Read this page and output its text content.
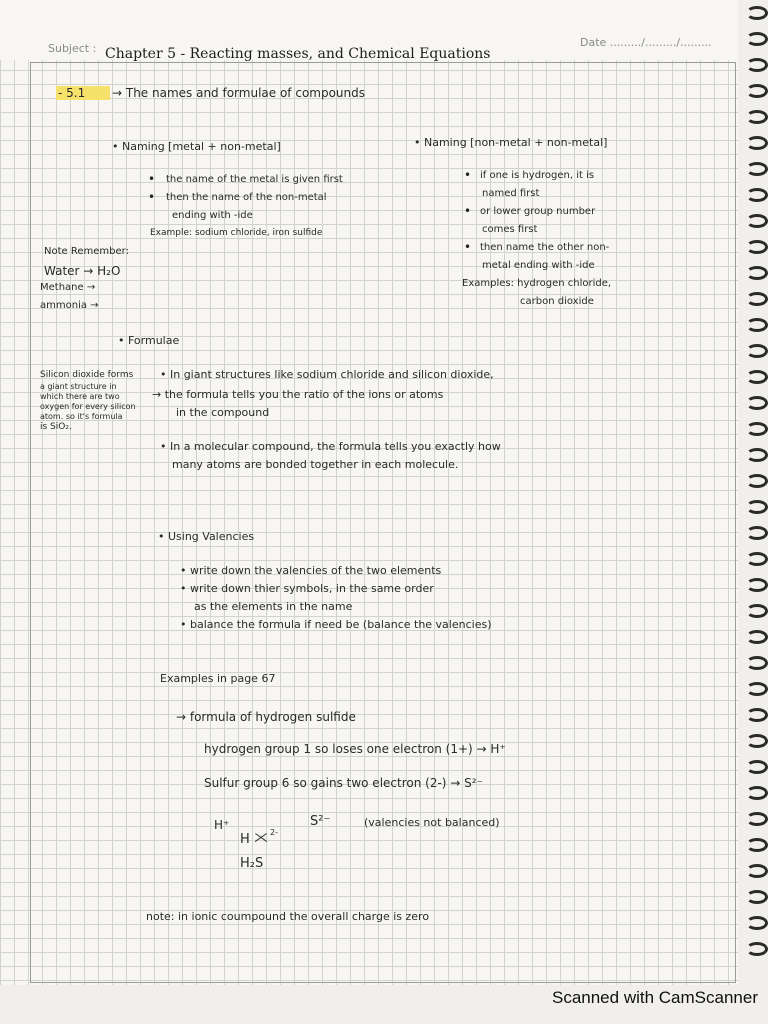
Subject :	Date ........./........./.........
Chapter 5 - Reacting masses, and Chemical Equations
- 5.1 → The names and formulae of compounds
• Naming [metal + non-metal]
• the name of the metal is given first
• then the name of the non-metal
ending with -ide
Example: sodium chloride, iron sulfide
• Naming [non-metal + non-metal]
• if one is hydrogen, it is
named first
• or lower group number
comes first
• then name the other non-
metal ending with -ide
Examples: hydrogen chloride,
carbon dioxide
Note Remember:
Water → H₂O
Methane →
ammonia →
• Formulae
Silicon dioxide forms
a giant structure in
which there are two
oxygen for every silicon
atom. so it's formula
is SiO₂.
• In giant structures like sodium chloride and silicon dioxide,
→ the formula tells you the ratio of the ions or atoms
in the compound
• In a molecular compound, the formula tells you exactly how
many atoms are bonded together in each molecule.
• Using Valencies
• write down the valencies of the two elements
• write down thier symbols, in the same order
as the elements in the name
• balance the formula if need be (balance the valencies)
Examples in page 67
→ formula of hydrogen sulfide
hydrogen group 1 so loses one electron (1+) → H⁺
Sulfur group 6 so gains two electron (2-) → S²⁻
H⁺	S²⁻	(valencies not balanced)
H	2-
H₂S
note: in ionic coumpound the overall charge is zero
Scanned with CamScanner
